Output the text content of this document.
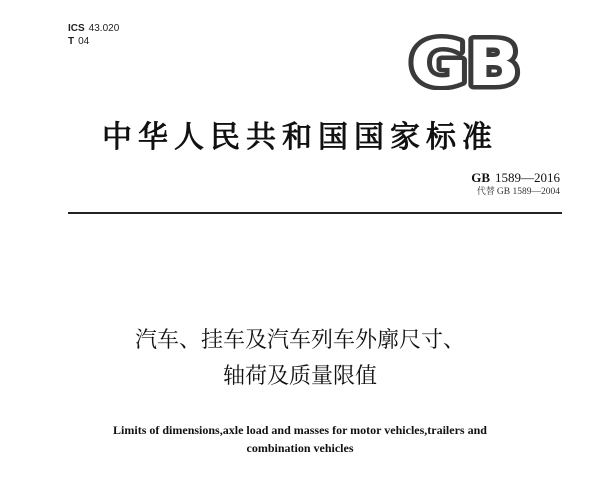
ICS 43.020
T 04	GB
中华人民共和国国家标准
GB 1589—2016
代替 GB 1589—2004
汽车、挂车及汽车列车外廓尺寸、
轴荷及质量限值
Limits of dimensions,axle load and masses for motor vehicles,trailers and
combination vehicles
